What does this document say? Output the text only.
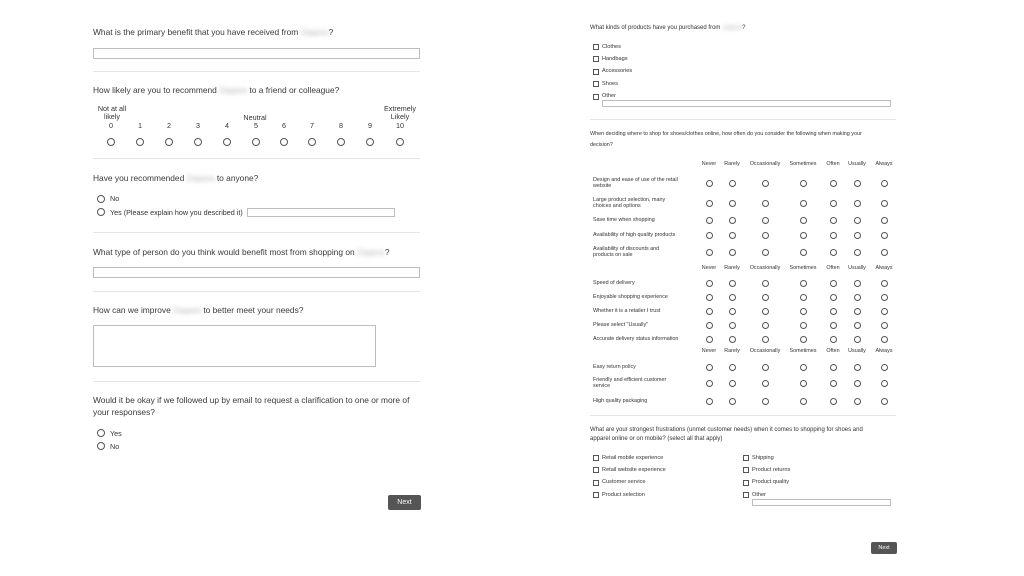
What is the primary benefit that you have received from Zappos?
How likely are you to recommend Zappos to a friend or colleague?
Not at all likely	Neutral
Extremely Likely
0	1	2	3	4	5	6	7	8	9	10
Have you recommended Zappos to anyone?
No
Yes (Please explain how you described it)
What type of person do you think would benefit most from shopping on Zappos?
How can we improve Zappos to better meet your needs?
Would it be okay if we followed up by email to request a clarification to one or more of
your responses?
Yes
No
Next
What kinds of products have you purchased from Zappos?
Clothes
Handbags
Accessories
Shoes
Other
When deciding where to shop for shoes/clothes online, how often do you consider the following when making your
decision?
Never	Rarely	Occasionally	Sometimes	Often	Usually	Always
Design and ease of use of the retail
website
Large product selection, many
choices and options
Save time when shopping
Availability of high quality products
Availability of discounts and
products on sale
Never	Rarely	Occasionally	Sometimes	Often	Usually	Always
Speed of delivery
Enjoyable shopping experience
Whether it is a retailer I trust
Please select "Usually"
Accurate delivery status information
Never	Rarely	Occasionally	Sometimes	Often	Usually	Always
Easy return policy
Friendly and efficient customer
service
High quality packaging
What are your strongest frustrations (unmet customer needs) when it comes to shopping for shoes and
apparel online or on mobile? (select all that apply)
Retail mobile experience
Retail website experience
Customer service
Product selection
Shipping
Product returns
Product quality
Other
Next
